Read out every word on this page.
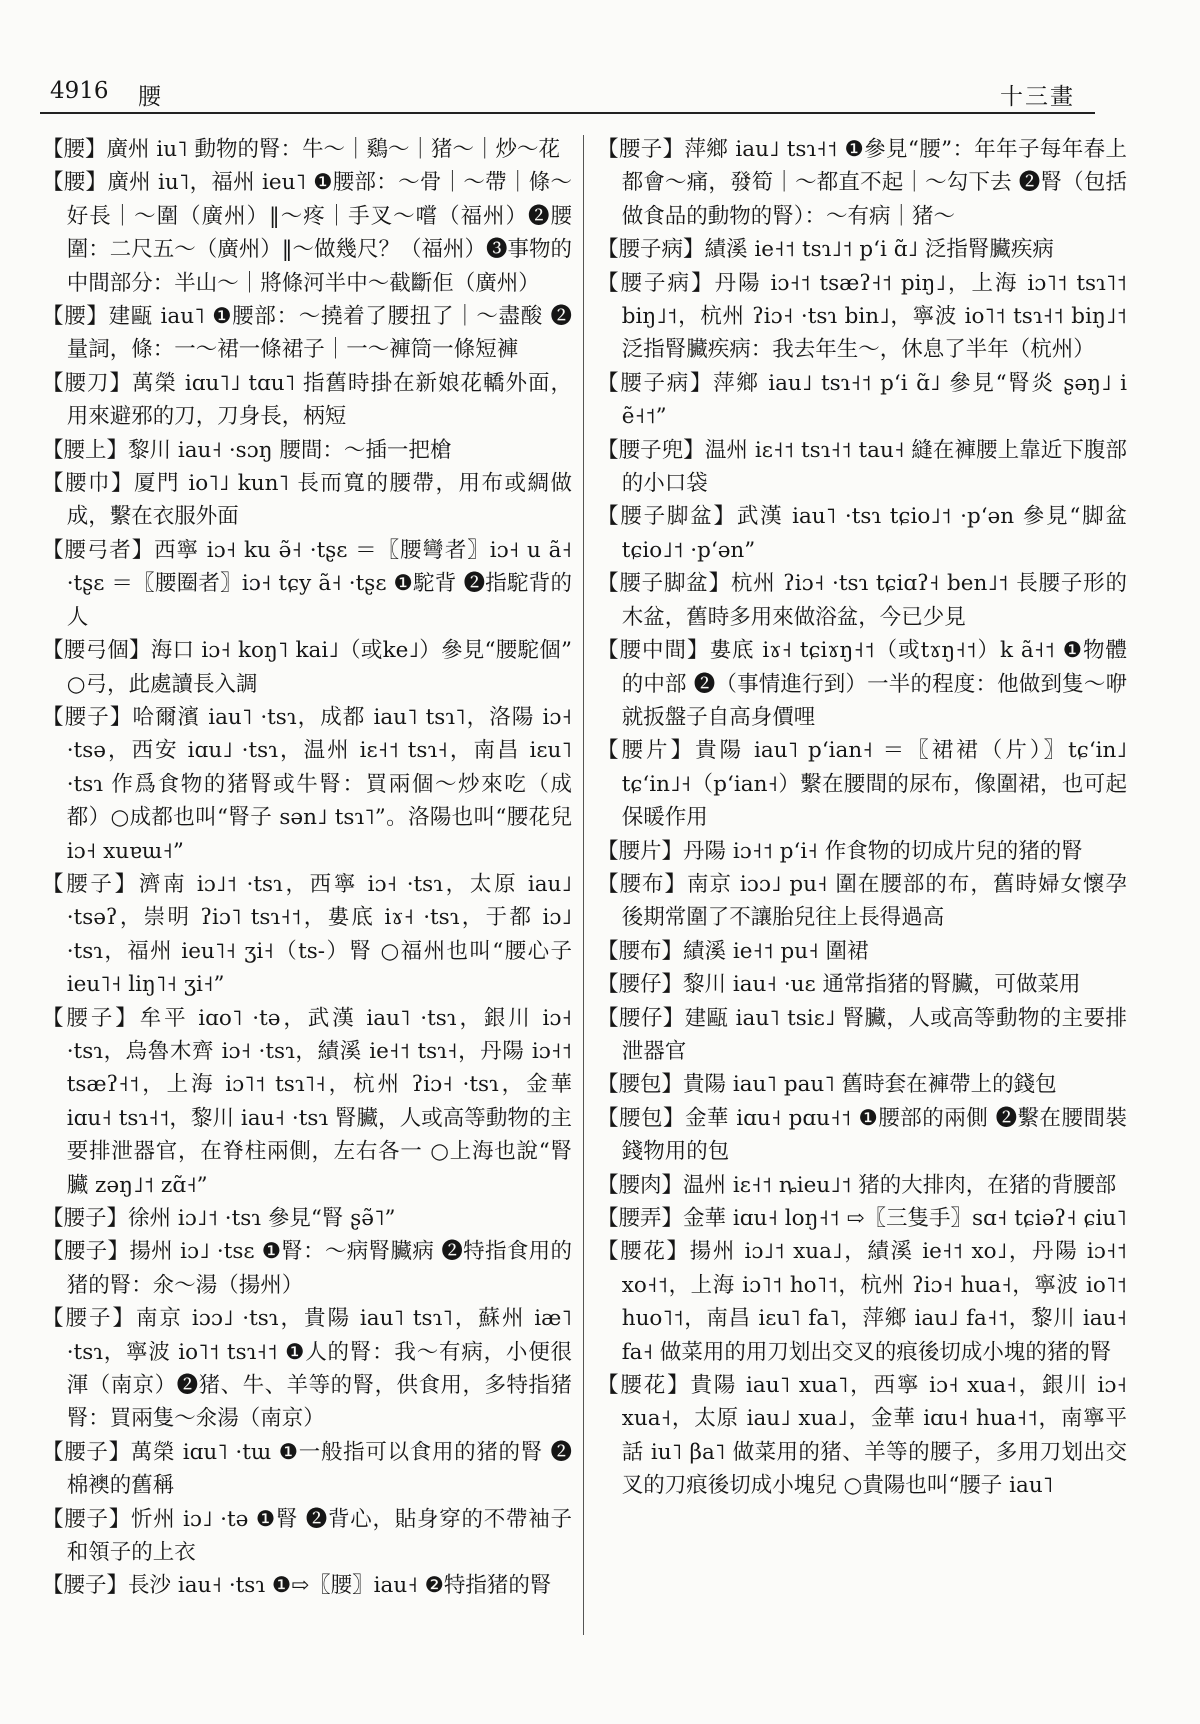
4916 腰	十三畫

【腰】廣州 iu˥ 動物的腎：牛～｜鷄～｜猪～｜炒～花

【腰】廣州 iu˥，福州 ieu˥ ❶腰部：～骨｜～帶｜條～好長｜～圍（廣州）‖～疼｜手叉～嚐（福州）❷腰圍：二尺五～（廣州）‖～做幾尺？（福州）❸事物的中間部分：半山～｜將條河半中～截斷佢（廣州）

【腰】建甌 iau˥ ❶腰部：～撓着了腰扭了｜～盡酸 ❷量詞，條：一～裙一條裙子｜一～褲筒一條短褲

【腰刀】萬榮 iɑu˥˩ tɑu˥ 指舊時掛在新娘花轎外面，用來避邪的刀，刀身長，柄短

【腰上】黎川 iau˧ ·sɔŋ 腰間：～插一把槍

【腰巾】厦門 io˥˩ kun˥ 長而寬的腰帶，用布或綢做成，繫在衣服外面

【腰弓者】西寧 iɔ˧ ku ə̃˧ ·tʂɛ ＝〖腰彎者〗iɔ˧ u ã˧ ·tʂɛ ＝〖腰圈者〗iɔ˧ tɕy ã˧ ·tʂɛ ❶駝背 ❷指駝背的人

【腰弓個】海口 iɔ˧ koŋ˥ kai˩（或ke˩）參見“腰駝個” ○弓，此處讀長入調

【腰子】哈爾濱 iau˥ ·tsɿ，成都 iau˥ tsɿ˥，洛陽 iɔ˧ ·tsə，西安 iɑu˩ ·tsɿ，温州 iɛ˧˦ tsɿ˧，南昌 iɛu˥ ·tsɿ 作爲食物的猪腎或牛腎：買兩個～炒來吃（成都）○成都也叫“腎子 sən˩ tsɿ˥”。洛陽也叫“腰花兒 iɔ˧ xuɐɯ˧”

【腰子】濟南 iɔ˩˦ ·tsɿ，西寧 iɔ˧ ·tsɿ，太原 iau˩ ·tsəʔ，崇明 ʔiɔ˥ tsɿ˧˦，婁底 iɤ˧ ·tsɿ，于都 iɔ˩ ·tsɿ，福州 ieu˥˧ ʒi˧（ts-）腎 ○福州也叫“腰心子 ieu˥˧ liŋ˥˧ ʒi˧”

【腰子】牟平 iɑo˥ ·tə，武漢 iau˥ ·tsɿ，銀川 iɔ˧ ·tsɿ，烏魯木齊 iɔ˧ ·tsɿ，績溪 ie˧˦ tsɿ˧，丹陽 iɔ˧˦ tsæʔ˧˦，上海 iɔ˥˦ tsɿ˥˧，杭州 ʔiɔ˧ ·tsɿ，金華 iɑu˧ tsɿ˧˦，黎川 iau˧ ·tsɿ 腎臟，人或高等動物的主要排泄器官，在脊柱兩側，左右各一 ○上海也說“腎臟 zəŋ˩˦ zɑ̃˧”

【腰子】徐州 iɔ˩˦ ·tsɿ 參見“腎 ʂə̃˥”

【腰子】揚州 iɔ˩ ·tsɛ ❶腎：～病腎臟病 ❷特指食用的猪的腎：氽～湯（揚州）

【腰子】南京 iɔɔ˩ ·tsɿ，貴陽 iau˥ tsɿ˥，蘇州 iæ˥ ·tsɿ，寧波 io˥˦ tsɿ˧˦ ❶人的腎：我～有病，小便很渾（南京）❷猪、牛、羊等的腎，供食用，多特指猪腎：買兩隻～氽湯（南京）

【腰子】萬榮 iɑu˥ ·tɯ ❶一般指可以食用的猪的腎 ❷棉襖的舊稱

【腰子】忻州 iɔ˩ ·tə ❶腎 ❷背心，貼身穿的不帶袖子和領子的上衣

【腰子】長沙 iau˧ ·tsɿ ❶⇨〖腰〗iau˧ ❷特指猪的腎

【腰子】萍鄉 iau˩ tsɿ˧˦ ❶參見“腰”：年年子每年春上都會～痛，發筍｜～都直不起｜～勾下去 ❷腎（包括做食品的動物的腎）：～有病｜猪～

【腰子病】績溪 ie˧˦ tsɿ˩˦ pʻi ɑ̃˩ 泛指腎臟疾病

【腰子病】丹陽 iɔ˧˦ tsæʔ˧˦ piŋ˩，上海 iɔ˥˦ tsɿ˥˦ biŋ˩˦，杭州 ʔiɔ˧ ·tsɿ bin˩，寧波 io˥˦ tsɿ˧˦ biŋ˩˦ 泛指腎臟疾病：我去年生～，休息了半年（杭州）

【腰子病】萍鄉 iau˩ tsɿ˧˦ pʻi ɑ̃˩ 參見“腎炎 ʂəŋ˩ i ẽ˧˦”

【腰子兜】温州 iɛ˧˦ tsɿ˧˦ tau˧ 縫在褲腰上靠近下腹部的小口袋

【腰子脚盆】武漢 iau˥ ·tsɿ tɕio˩˦ ·pʻən 參見“脚盆 tɕio˩˦ ·pʻən”

【腰子脚盆】杭州 ʔiɔ˧ ·tsɿ tɕiɑʔ˧ ben˩˦ 長腰子形的木盆，舊時多用來做浴盆，今已少見

【腰中間】婁底 iɤ˧ tɕiɤŋ˧˦（或tɤŋ˧˦）k ã˧˦ ❶物體的中部 ❷（事情進行到）一半的程度：他做到隻～咿就扳盤子自高身價哩

【腰片】貴陽 iau˥ pʻian˧ ＝〖裙裙（片）〗tɕʻin˩ tɕʻin˩˧（pʻian˧）繫在腰間的尿布，像圍裙，也可起保暖作用

【腰片】丹陽 iɔ˧˦ pʻi˧ 作食物的切成片兒的猪的腎

【腰布】南京 iɔɔ˩ pu˧ 圍在腰部的布，舊時婦女懷孕後期常圍了不讓胎兒往上長得過高

【腰布】績溪 ie˧˦ pu˧ 圍裙

【腰仔】黎川 iau˧ ·uɛ 通常指猪的腎臟，可做菜用

【腰仔】建甌 iau˥ tsiɛ˩ 腎臟，人或高等動物的主要排泄器官

【腰包】貴陽 iau˥ pau˥ 舊時套在褲帶上的錢包

【腰包】金華 iɑu˧ pɑu˧˦ ❶腰部的兩側 ❷繫在腰間裝錢物用的包

【腰肉】温州 iɛ˧˦ ȵieu˩˦ 猪的大排肉，在猪的背腰部

【腰弄】金華 iɑu˧ loŋ˧˦ ⇨〖三隻手〗sɑ˧ tɕiəʔ˧ ɕiu˥

【腰花】揚州 iɔ˩˦ xua˩，績溪 ie˧˦ xo˩，丹陽 iɔ˧˦ xo˧˦，上海 iɔ˥˦ ho˥˦，杭州 ʔiɔ˧ hua˧，寧波 io˥˦ huo˥˦，南昌 iɛu˥ fa˥，萍鄉 iau˩ fa˧˦，黎川 iau˧ fa˧ 做菜用的用刀划出交叉的痕後切成小塊的猪的腎

【腰花】貴陽 iau˥ xua˥，西寧 iɔ˧ xua˧，銀川 iɔ˧ xua˧，太原 iau˩ xua˩，金華 iɑu˧ hua˧˦，南寧平話 iu˥ βa˥ 做菜用的猪、羊等的腰子，多用刀划出交叉的刀痕後切成小塊兒 ○貴陽也叫“腰子 iau˥
